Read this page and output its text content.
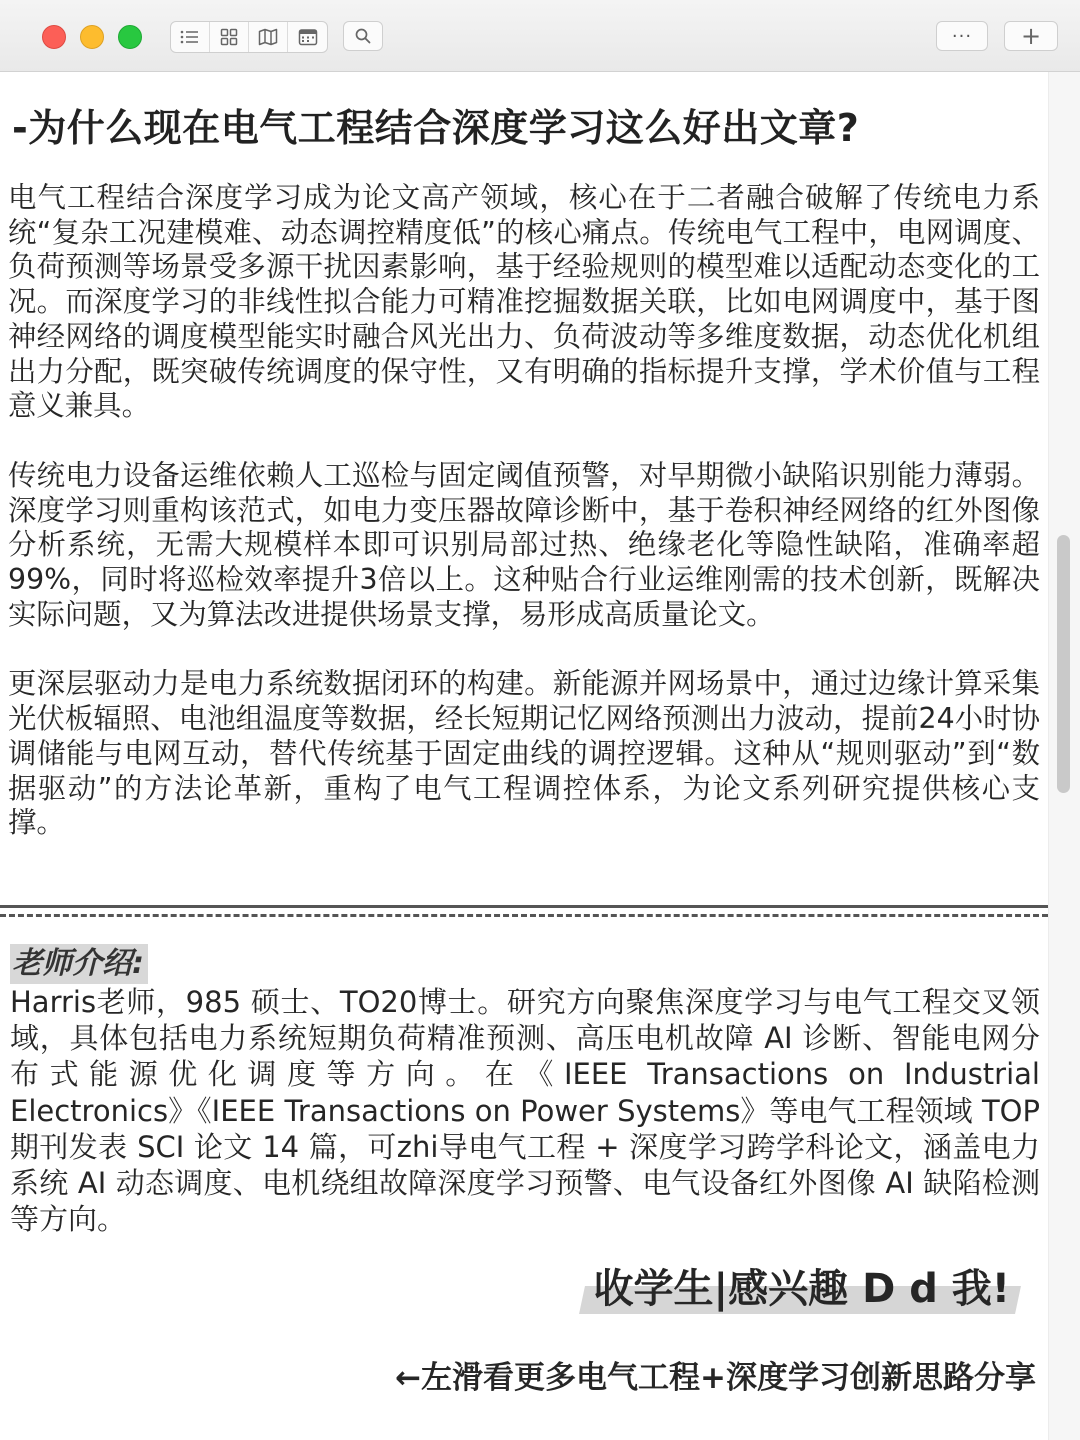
··· +
-为什么现在电气工程结合深度学习这么好出文章?

电气工程结合深度学习成为论文高产领域，核心在于二者融合破解了传统电力系统“复杂工况建模难、动态调控精度低”的核心痛点。传统电气工程中，电网调度、负荷预测等场景受多源干扰因素影响，基于经验规则的模型难以适配动态变化的工况。而深度学习的非线性拟合能力可精准挖掘数据关联，比如电网调度中，基于图神经网络的调度模型能实时融合风光出力、负荷波动等多维度数据，动态优化机组出力分配，既突破传统调度的保守性，又有明确的指标提升支撑，学术价值与工程意义兼具。

传统电力设备运维依赖人工巡检与固定阈值预警，对早期微小缺陷识别能力薄弱。深度学习则重构该范式，如电力变压器故障诊断中，基于卷积神经网络的红外图像分析系统，无需大规模样本即可识别局部过热、绝缘老化等隐性缺陷，准确率超99%，同时将巡检效率提升3倍以上。这种贴合行业运维刚需的技术创新，既解决实际问题，又为算法改进提供场景支撑，易形成高质量论文。

更深层驱动力是电力系统数据闭环的构建。新能源并网场景中，通过边缘计算采集光伏板辐照、电池组温度等数据，经长短期记忆网络预测出力波动，提前24小时协调储能与电网互动，替代传统基于固定曲线的调控逻辑。这种从“规则驱动”到“数据驱动”的方法论革新，重构了电气工程调控体系，为论文系列研究提供核心支撑。

老师介绍:

Harris老师，985 硕士、TO20博士。研究方向聚焦深度学习与电气工程交叉领域，具体包括电力系统短期负荷精准预测、高压电机故障 AI 诊断、智能电网分布式能源优化调度等方向。在《IEEE Transactions on Industrial Electronics》《IEEE Transactions on Power Systems》等电气工程领域 TOP 期刊发表 SCI 论文 14 篇，可zhi导电气工程 + 深度学习跨学科论文，涵盖电力系统 AI 动态调度、电机绕组故障深度学习预警、电气设备红外图像 AI 缺陷检测等方向。

收学生|感兴趣 D d 我!
←左滑看更多电气工程+深度学习创新思路分享
